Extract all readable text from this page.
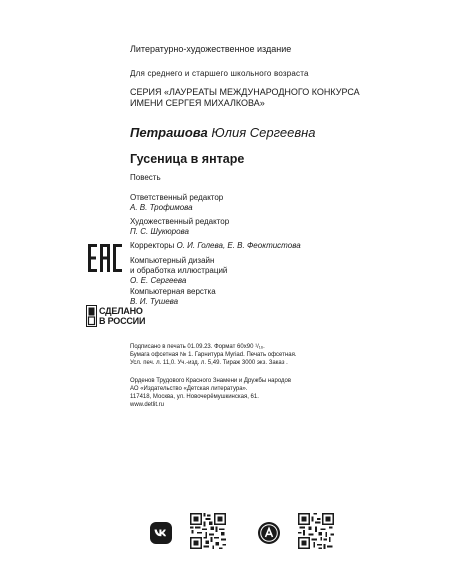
Литературно-художественное издание
Для среднего и старшего школьного возраста
СЕРИЯ «ЛАУРЕАТЫ МЕЖДУНАРОДНОГО КОНКУРСА
ИМЕНИ СЕРГЕЯ МИХАЛКОВА»
Петрашова Юлия Сергеевна
Гусеница в янтаре
Повесть
Ответственный редактор
А. В. Трофимова
Художественный редактор
П. С. Шукюрова
Корректоры О. И. Голева, Е. В. Феоктистова
Компьютерный дизайн
и обработка иллюстраций
О. Е. Сергеева
Компьютерная верстка
В. И. Тушева
СДЕЛАНО
В РОССИИ
Подписано в печать 01.09.23. Формат 60x90 ¹/₁₆.
Бумага офсетная № 1. Гарнитура Myriad. Печать офсетная.
Усл. печ. л. 11,0. Уч.-изд. л. 5,49. Тираж 3000 экз. Заказ .
Орденов Трудового Красного Знамени и Дружбы народов
АО «Издательство «Детская литература».
117418, Москва, ул. Новочерёмушкинская, 61.
www.detlit.ru
